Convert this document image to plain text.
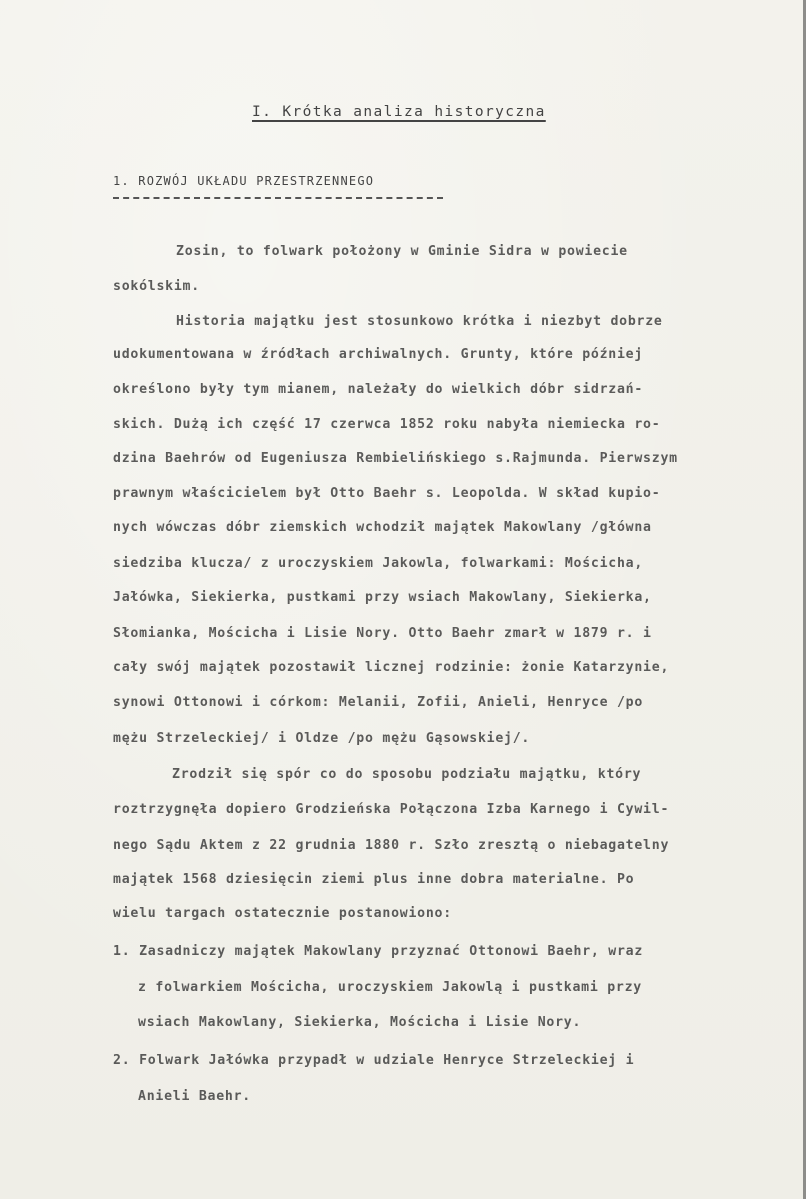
I. Krótka analiza historyczna
1. ROZWÓJ UKŁADU PRZESTRZENNEGO
Zosin, to folwark położony w Gminie Sidra w powiecie
sokólskim.
Historia majątku jest stosunkowo krótka i niezbyt dobrze
udokumentowana w źródłach archiwalnych. Grunty, które później
określono były tym mianem, należały do wielkich dóbr sidrzań-
skich. Dużą ich część 17 czerwca 1852 roku nabyła niemiecka ro-
dzina Baehrów od Eugeniusza Rembielińskiego s.Rajmunda. Pierwszym
prawnym właścicielem był Otto Baehr s. Leopolda. W skład kupio-
nych wówczas dóbr ziemskich wchodził majątek Makowlany /główna
siedziba klucza/ z uroczyskiem Jakowla, folwarkami: Mościcha,
Jałówka, Siekierka, pustkami przy wsiach Makowlany, Siekierka,
Słomianka, Mościcha i Lisie Nory. Otto Baehr zmarł w 1879 r. i
cały swój majątek pozostawił licznej rodzinie: żonie Katarzynie,
synowi Ottonowi i córkom: Melanii, Zofii, Anieli, Henryce /po
mężu Strzeleckiej/ i Oldze /po mężu Gąsowskiej/.
Zrodził się spór co do sposobu podziału majątku, który
roztrzygnęła dopiero Grodzieńska Połączona Izba Karnego i Cywil-
nego Sądu Aktem z 22 grudnia 1880 r. Szło zresztą o niebagatelny
majątek 1568 dziesięcin ziemi plus inne dobra materialne. Po
wielu targach ostatecznie postanowiono:
1. Zasadniczy majątek Makowlany przyznać Ottonowi Baehr, wraz
z folwarkiem Mościcha, uroczyskiem Jakowlą i pustkami przy
wsiach Makowlany, Siekierka, Mościcha i Lisie Nory.
2. Folwark Jałówka przypadł w udziale Henryce Strzeleckiej i
Anieli Baehr.
